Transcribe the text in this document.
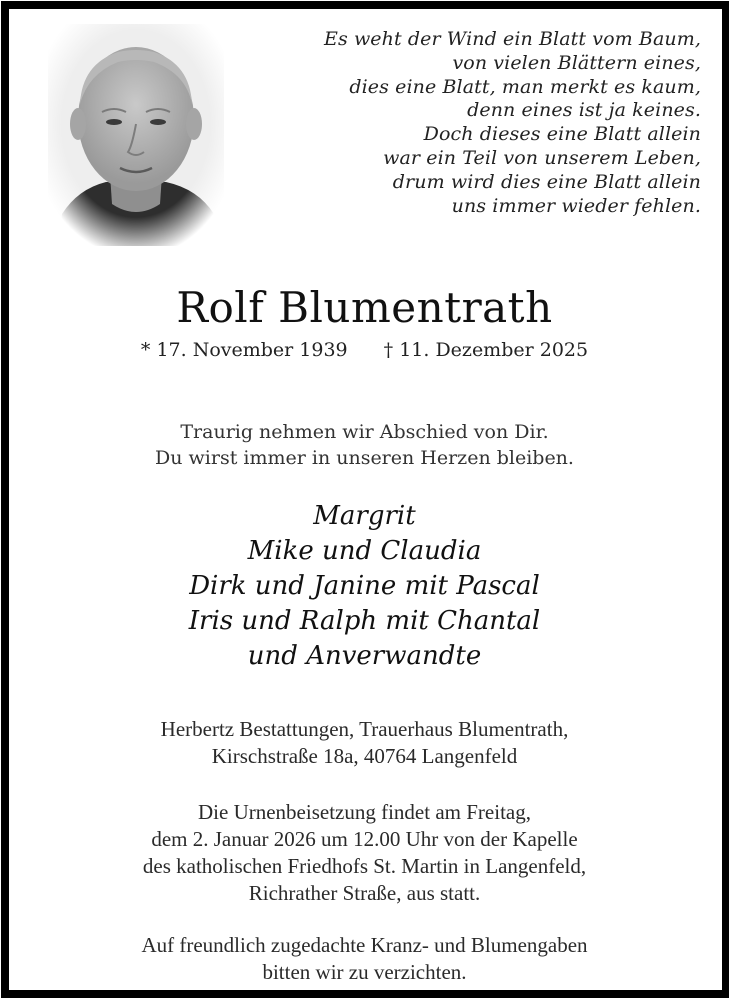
Es weht der Wind ein Blatt vom Baum,
von vielen Blättern eines,
dies eine Blatt, man merkt es kaum,
denn eines ist ja keines.
Doch dieses eine Blatt allein
war ein Teil von unserem Leben,
drum wird dies eine Blatt allein
uns immer wieder fehlen.
Rolf Blumentrath
* 17. November 1939 † 11. Dezember 2025
Traurig nehmen wir Abschied von Dir.
Du wirst immer in unseren Herzen bleiben.
Margrit
Mike und Claudia
Dirk und Janine mit Pascal
Iris und Ralph mit Chantal
und Anverwandte
Herbertz Bestattungen, Trauerhaus Blumentrath,
Kirschstraße 18a, 40764 Langenfeld
Die Urnenbeisetzung findet am Freitag,
dem 2. Januar 2026 um 12.00 Uhr von der Kapelle
des katholischen Friedhofs St. Martin in Langenfeld,
Richrather Straße, aus statt.
Auf freundlich zugedachte Kranz- und Blumengaben
bitten wir zu verzichten.
